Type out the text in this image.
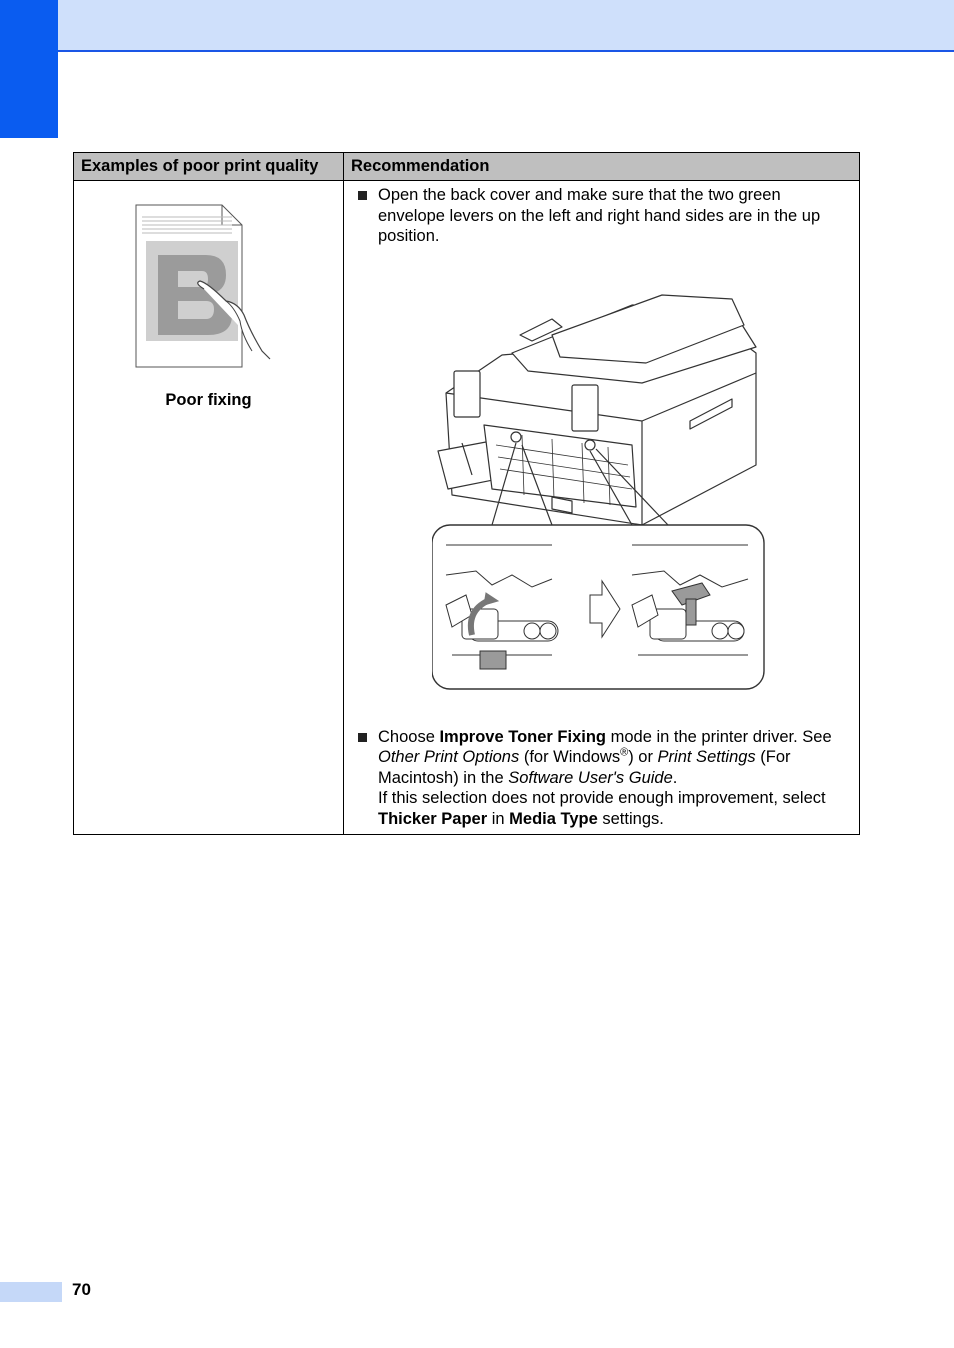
Examples of poor print quality	Recommendation

Poor fixing	Open the back cover and make sure that the two green envelope levers on the left and right hand sides are in the up position.
Choose Improve Toner Fixing mode in the printer driver. See Other Print Options (for Windows®) or Print Settings (For Macintosh) in the Software User's Guide.
If this selection does not provide enough improvement, select Thicker Paper in Media Type settings.
70
